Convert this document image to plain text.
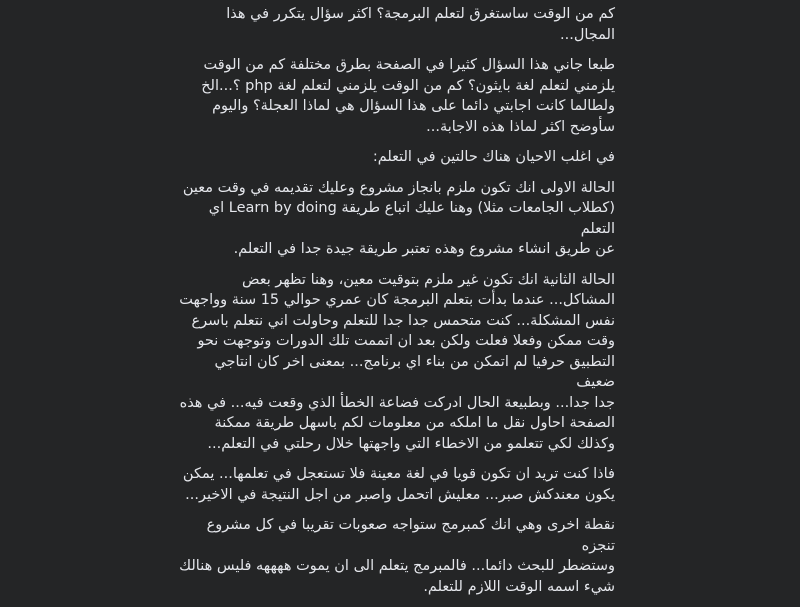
كم من الوقت ساستغرق لتعلم البرمجة؟ اكثر سؤال يتكرر في هذا المجال...

طبعا جاني هذا السؤال كثيرا في الصفحة بطرق مختلفة كم من الوقت
يلزمني لتعلم لغة بايثون؟ كم من الوقت يلزمني لتعلم لغة php ؟...الخ
ولطالما كانت اجابتي دائما على هذا السؤال هي لماذا العجلة؟ واليوم
سأوضح اكثر لماذا هذه الاجابة...

في اغلب الاحيان هناك حالتين في التعلم:

الحالة الاولى انك تكون ملزم بانجاز مشروع وعليك تقديمه في وقت معين
(كطلاب الجامعات مثلا) وهنا عليك اتباع طريقة Learn by doing اي التعلم
عن طريق انشاء مشروع وهذه تعتبر طريقة جيدة جدا في التعلم.

الحالة الثانية انك تكون غير ملزم بتوقيت معين، وهنا تظهر بعض
المشاكل... عندما بدأت بتعلم البرمجة كان عمري حوالي 15 سنة وواجهت
نفس المشكلة... كنت متحمس جدا جدا للتعلم وحاولت اني نتعلم باسرع
وقت ممكن وفعلا فعلت ولكن بعد ان اتممت تلك الدورات وتوجهت نحو
التطبيق حرفيا لم اتمكن من بناء اي برنامج... بمعنى اخر كان انتاجي ضعيف
جدا جدا... وبطبيعة الحال ادركت فضاعة الخطأ الذي وقعت فيه... في هذه
الصفحة احاول نقل ما املكه من معلومات لكم باسهل طريقة ممكنة
وكذلك لكي تتعلمو من الاخطاء التي واجهتها خلال رحلتي في التعلم...

فاذا كنت تريد ان تكون قويا في لغة معينة فلا تستعجل في تعلمها... يمكن
يكون معندكش صبر... معليش اتحمل واصبر من اجل النتيجة في الاخير...

نقطة اخرى وهي انك كمبرمج ستواجه صعوبات تقريبا في كل مشروع تنجزه
وستضطر للبحث دائما... فالمبرمج يتعلم الى ان يموت ههههه فليس هنالك
شيء اسمه الوقت اللازم للتعلم.
